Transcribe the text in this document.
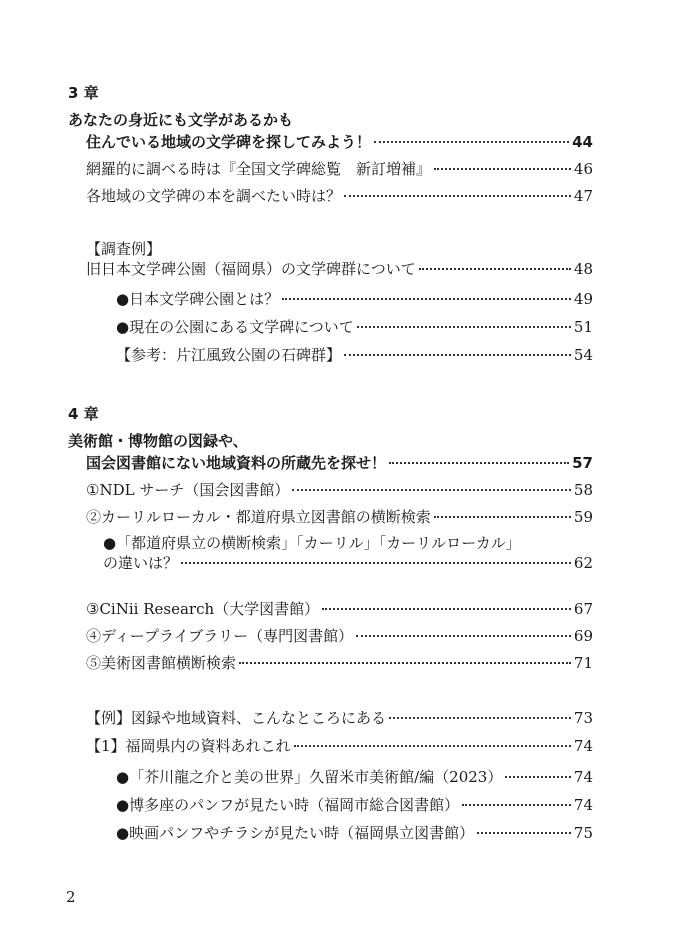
3 章
あなたの身近にも文学があるかも
住んでいる地域の文学碑を探してみよう！	44
網羅的に調べる時は『全国文学碑総覧　新訂増補』	46
各地域の文学碑の本を調べたい時は？	47
【調査例】
旧日本文学碑公園（福岡県）の文学碑群について	48
●日本文学碑公園とは？	49
●現在の公園にある文学碑について	51
【参考：片江風致公園の石碑群】	54
4 章
美術館・博物館の図録や、
国会図書館にない地域資料の所蔵先を探せ！	57
①NDL サーチ（国会図書館）	58
②カーリルローカル・都道府県立図書館の横断検索	59
●「都道府県立の横断検索」「カーリル」「カーリルローカル」
の違いは？	62
③CiNii Research（大学図書館）	67
④ディープライブラリー（専門図書館）	69
⑤美術図書館横断検索	71
【例】図録や地域資料、こんなところにある	73
【1】福岡県内の資料あれこれ	74
●「芥川龍之介と美の世界」久留米市美術館/編（2023）	74
●博多座のパンフが見たい時（福岡市総合図書館）	74
●映画パンフやチラシが見たい時（福岡県立図書館）	75
2
